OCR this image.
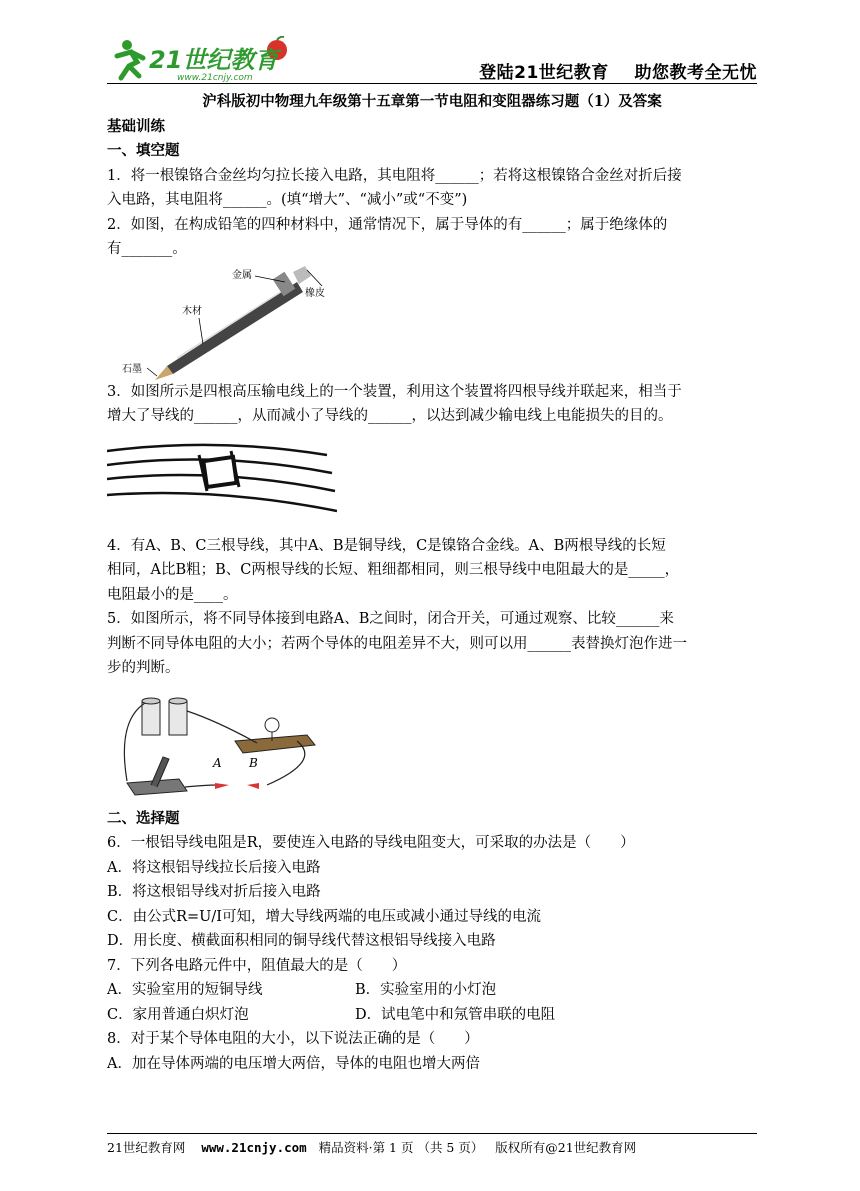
21世纪教育
www.21cnjy.com	登陆21世纪教育 助您教考全无忧
沪科版初中物理九年级第十五章第一节电阻和变阻器练习题（1）及答案

基础训练

一、填空题

1．将一根镍铬合金丝均匀拉长接入电路，其电阻将______；若将这根镍铬合金丝对折后接

入电路，其电阻将______。(填“增大”、“减小”或“不变”)

2．如图，在构成铅笔的四种材料中，通常情况下，属于导体的有______；属于绝缘体的

有_______。

金属
橡皮
木材
石墨

3．如图所示是四根高压输电线上的一个装置，利用这个装置将四根导线并联起来，相当于

增大了导线的______，从而减小了导线的______，以达到减少输电线上电能损失的目的。

4．有A、B、C三根导线，其中A、B是铜导线，C是镍铬合金线。A、B两根导线的长短

相同，A比B粗；B、C两根导线的长短、粗细都相同，则三根导线中电阻最大的是_____，

电阻最小的是____。

5．如图所示，将不同导体接到电路A、B之间时，闭合开关，可通过观察、比较______来

判断不同导体电阻的大小；若两个导体的电阻差异不大，则可以用______表替换灯泡作进一

步的判断。

A B

二、选择题

6．一根铝导线电阻是R，要使连入电路的导线电阻变大，可采取的办法是（　　）

A．将这根铝导线拉长后接入电路

B．将这根铝导线对折后接入电路

C．由公式R=U/I可知，增大导线两端的电压或减小通过导线的电流

D．用长度、横截面积相同的铜导线代替这根铝导线接入电路

7．下列各电路元件中，阻值最大的是（　　）

A．实验室用的短铜导线	B．实验室用的小灯泡
C．家用普通白炽灯泡	D．试电笔中和氖管串联的电阻

8．对于某个导体电阻的大小，以下说法正确的是（　　）

A．加在导体两端的电压增大两倍，导体的电阻也增大两倍

21世纪教育网 www.21cnjy.com 精品资料·第 1 页 （共 5 页） 版权所有@21世纪教育网
